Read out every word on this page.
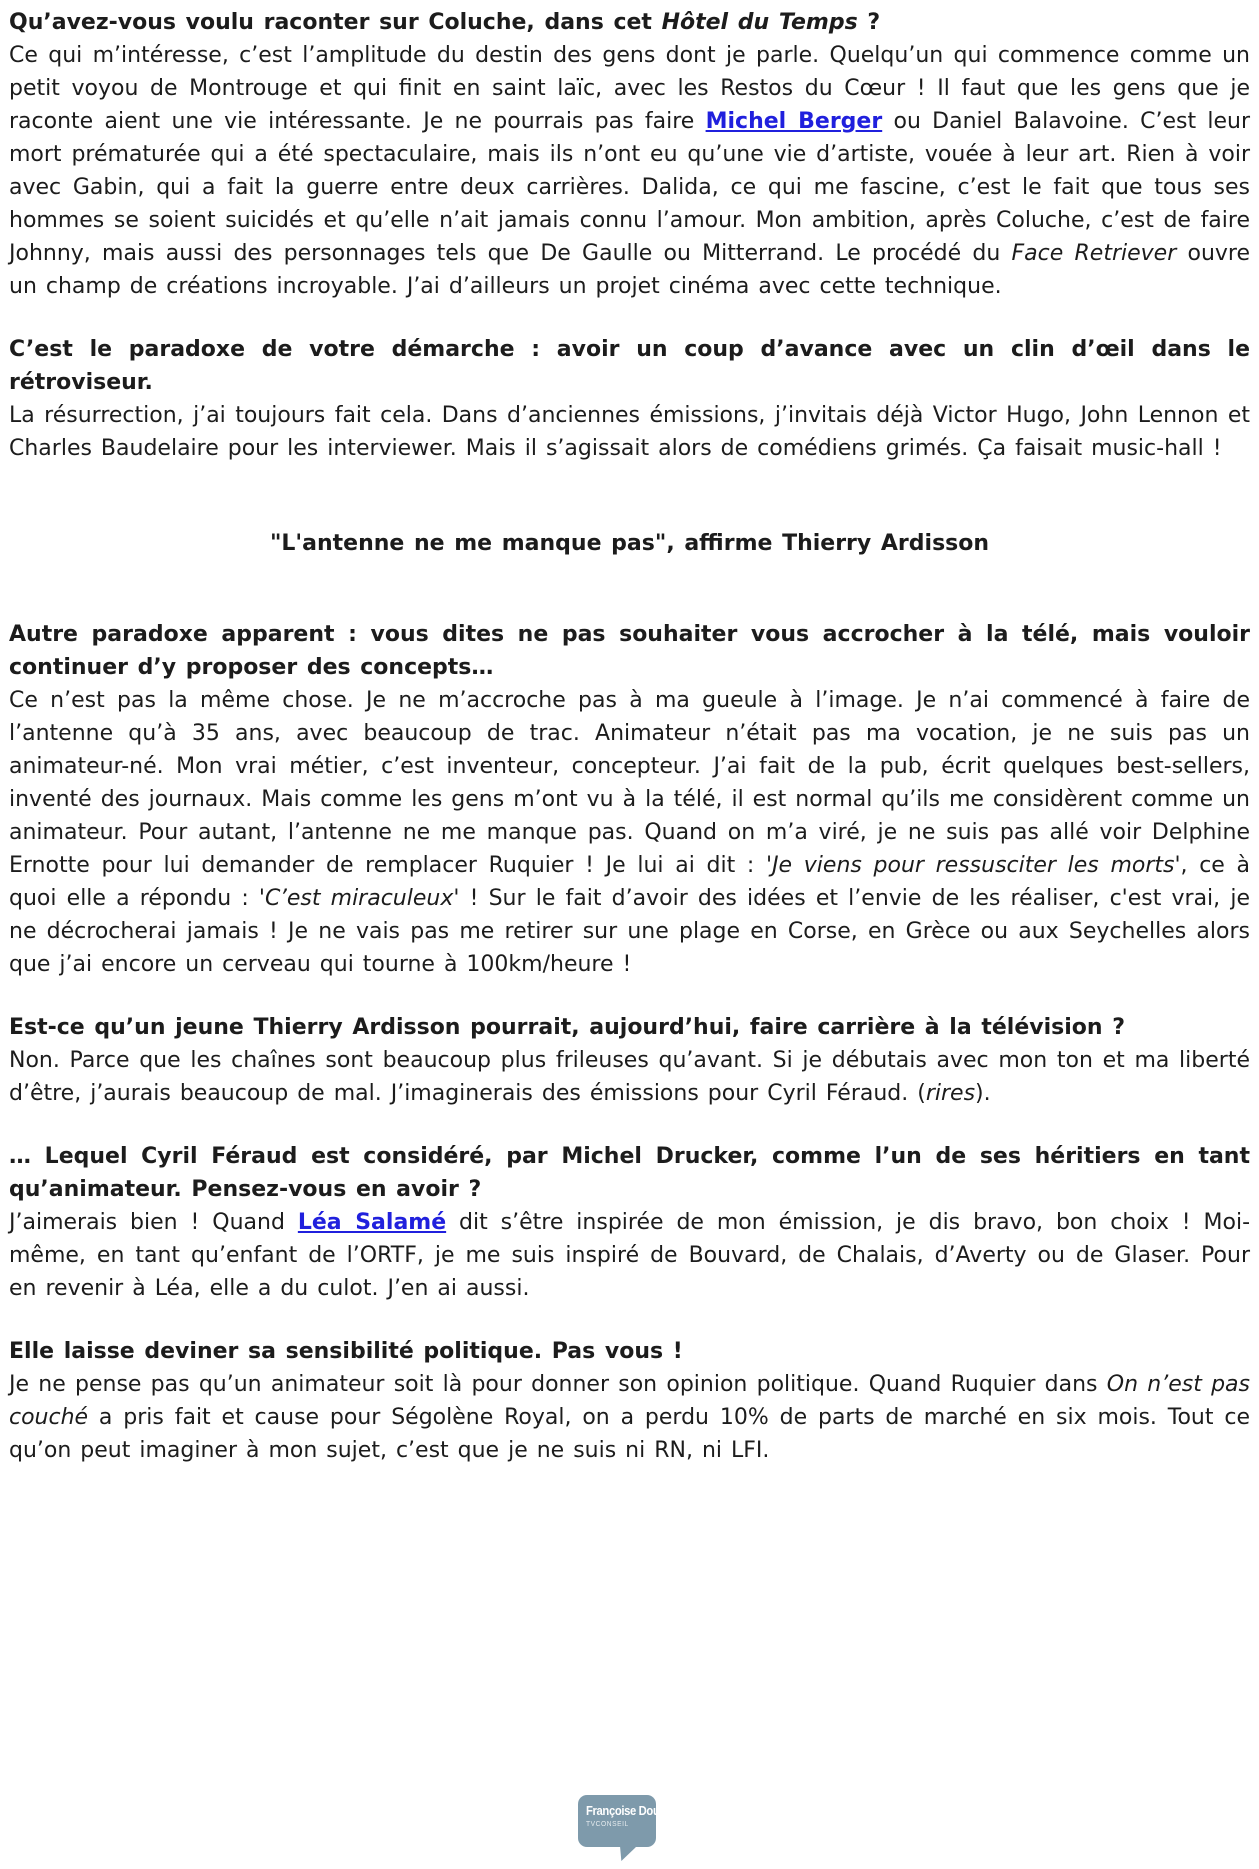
Qu’avez-vous voulu raconter sur Coluche, dans cet Hôtel du Temps ?

Ce qui m’intéresse, c’est l’amplitude du destin des gens dont je parle. Quelqu’un qui commence comme un petit voyou de Montrouge et qui finit en saint laïc, avec les Restos du Cœur ! Il faut que les gens que je raconte aient une vie intéressante. Je ne pourrais pas faire Michel Berger ou Daniel Balavoine. C’est leur mort prématurée qui a été spectaculaire, mais ils n’ont eu qu’une vie d’artiste, vouée à leur art. Rien à voir avec Gabin, qui a fait la guerre entre deux carrières. Dalida, ce qui me fascine, c’est le fait que tous ses hommes se soient suicidés et qu’elle n’ait jamais connu l’amour. Mon ambition, après Coluche, c’est de faire Johnny, mais aussi des personnages tels que De Gaulle ou Mitterrand. Le procédé du Face Retriever ouvre un champ de créations incroyable. J’ai d’ailleurs un projet cinéma avec cette technique.

C’est le paradoxe de votre démarche : avoir un coup d’avance avec un clin d’œil dans le rétroviseur.

La résurrection, j’ai toujours fait cela. Dans d’anciennes émissions, j’invitais déjà Victor Hugo, John Lennon et Charles Baudelaire pour les interviewer. Mais il s’agissait alors de comédiens grimés. Ça faisait music-hall !

"L'antenne ne me manque pas", affirme Thierry Ardisson

Autre paradoxe apparent : vous dites ne pas souhaiter vous accrocher à la télé, mais vouloir continuer d’y proposer des concepts…

Ce n’est pas la même chose. Je ne m’accroche pas à ma gueule à l’image. Je n’ai commencé à faire de l’antenne qu’à 35 ans, avec beaucoup de trac. Animateur n’était pas ma vocation, je ne suis pas un animateur-né. Mon vrai métier, c’est inventeur, concepteur. J’ai fait de la pub, écrit quelques best-sellers, inventé des journaux. Mais comme les gens m’ont vu à la télé, il est normal qu’ils me considèrent comme un animateur. Pour autant, l’antenne ne me manque pas. Quand on m’a viré, je ne suis pas allé voir Delphine Ernotte pour lui demander de remplacer Ruquier ! Je lui ai dit : 'Je viens pour ressusciter les morts', ce à quoi elle a répondu : 'C’est miraculeux' ! Sur le fait d’avoir des idées et l’envie de les réaliser, c'est vrai, je ne décrocherai jamais ! Je ne vais pas me retirer sur une plage en Corse, en Grèce ou aux Seychelles alors que j’ai encore un cerveau qui tourne à 100km/heure !

Est-ce qu’un jeune Thierry Ardisson pourrait, aujourd’hui, faire carrière à la télévision ?

Non. Parce que les chaînes sont beaucoup plus frileuses qu’avant. Si je débutais avec mon ton et ma liberté d’être, j’aurais beaucoup de mal. J’imaginerais des émissions pour Cyril Féraud. (rires).

… Lequel Cyril Féraud est considéré, par Michel Drucker, comme l’un de ses héritiers en tant qu’animateur. Pensez-vous en avoir ?

J’aimerais bien ! Quand Léa Salamé dit s’être inspirée de mon émission, je dis bravo, bon choix ! Moi-même, en tant qu’enfant de l’ORTF, je me suis inspiré de Bouvard, de Chalais, d’Averty ou de Glaser. Pour en revenir à Léa, elle a du culot. J’en ai aussi.

Elle laisse deviner sa sensibilité politique. Pas vous !

Je ne pense pas qu’un animateur soit là pour donner son opinion politique. Quand Ruquier dans On n’est pas couché a pris fait et cause pour Ségolène Royal, on a perdu 10% de parts de marché en six mois. Tout ce qu’on peut imaginer à mon sujet, c’est que je ne suis ni RN, ni LFI.

Françoise Doux
TVCONSEIL
